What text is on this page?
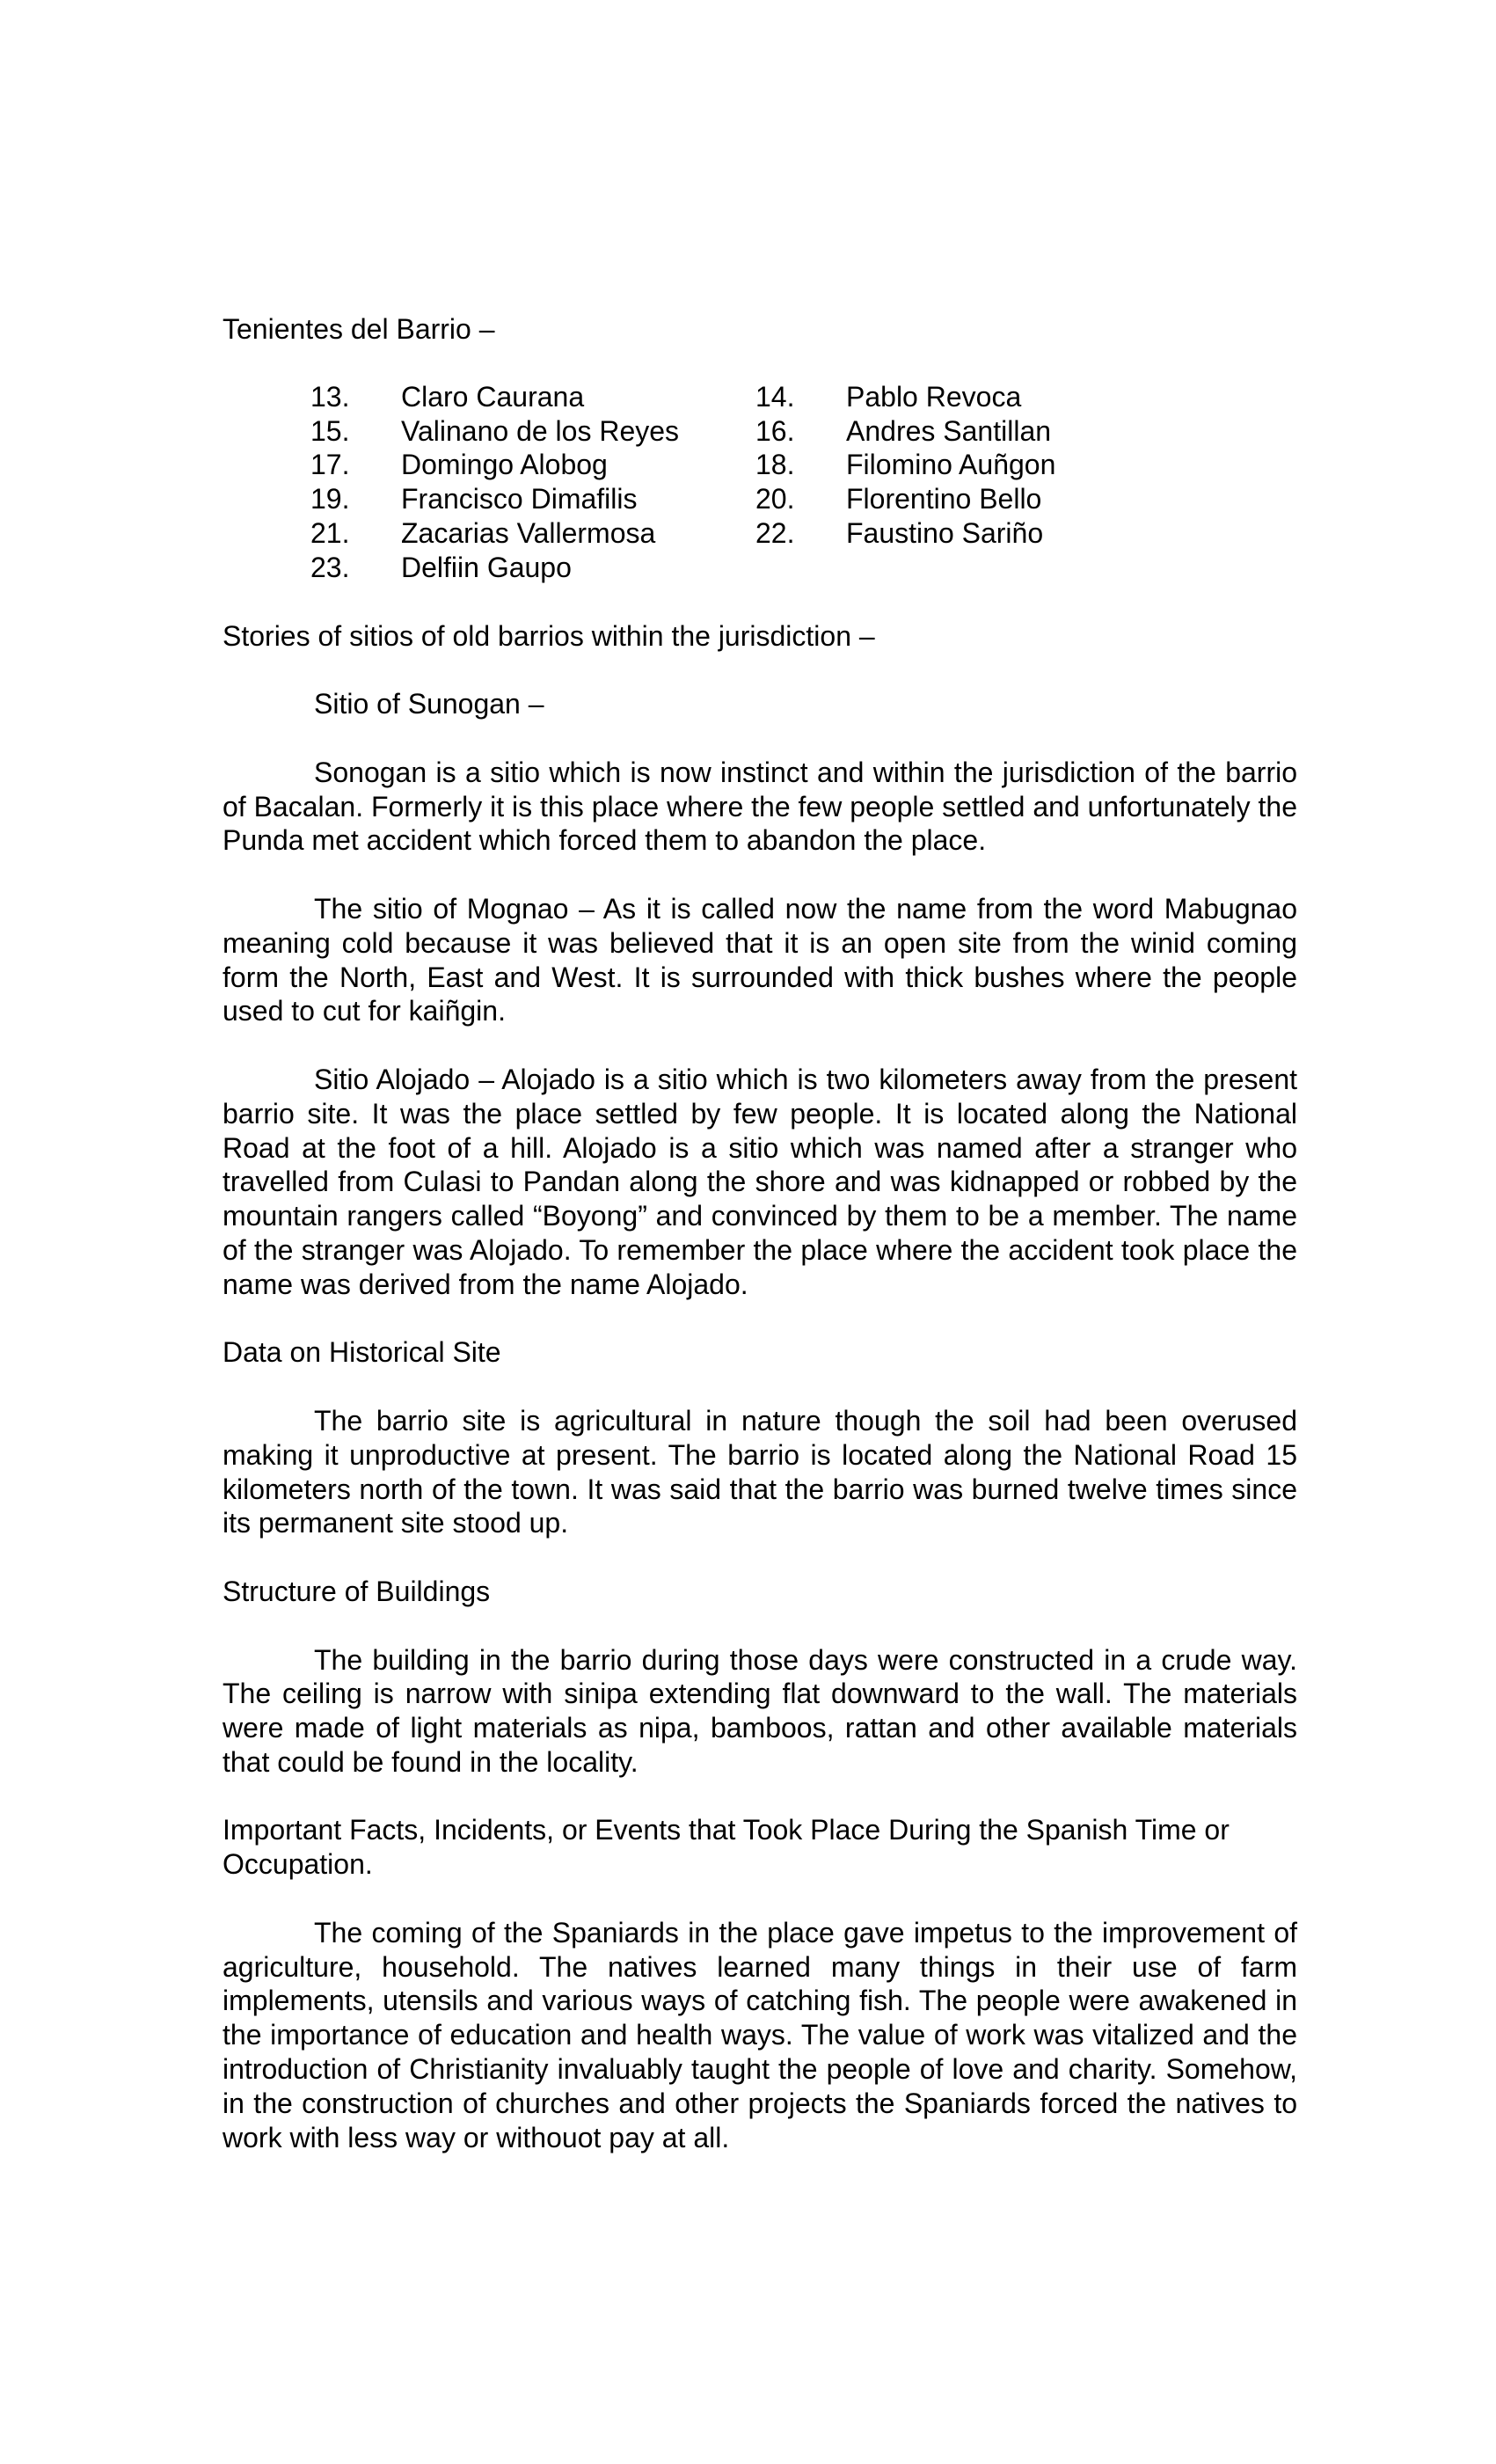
Tenientes del Barrio –

13.	Claro Caurana	14.	Pablo Revoca
15.	Valinano de los Reyes	16.	Andres Santillan
17.	Domingo Alobog	18.	Filomino Auñgon
19.	Francisco Dimafilis	20.	Florentino Bello
21.	Zacarias Vallermosa	22.	Faustino Sariño
23.	Delfiin Gaupo

Stories of sitios of old barrios within the jurisdiction –

Sitio of Sunogan –

Sonogan is a sitio which is now instinct and within the jurisdiction of the barrio of Bacalan. Formerly it is this place where the few people settled and unfortunately the Punda met accident which forced them to abandon the place.

The sitio of Mognao – As it is called now the name from the word Mabugnao meaning cold because it was believed that it is an open site from the winid coming form the North, East and West. It is surrounded with thick bushes where the people used to cut for kaiñgin.

Sitio Alojado – Alojado is a sitio which is two kilometers away from the present barrio site. It was the place settled by few people. It is located along the National Road at the foot of a hill. Alojado is a sitio which was named after a stranger who travelled from Culasi to Pandan along the shore and was kidnapped or robbed by the mountain rangers called “Boyong” and convinced by them to be a member. The name of the stranger was Alojado. To remember the place where the accident took place the name was derived from the name Alojado.

Data on Historical Site

The barrio site is agricultural in nature though the soil had been overused making it unproductive at present. The barrio is located along the National Road 15 kilometers north of the town. It was said that the barrio was burned twelve times since its permanent site stood up.

Structure of Buildings

The building in the barrio during those days were constructed in a crude way. The ceiling is narrow with sinipa extending flat downward to the wall. The materials were made of light materials as nipa, bamboos, rattan and other available materials that could be found in the locality.

Important Facts, Incidents, or Events that Took Place During the Spanish Time or Occupation.

The coming of the Spaniards in the place gave impetus to the improvement of agriculture, household. The natives learned many things in their use of farm implements, utensils and various ways of catching fish. The people were awakened in the importance of education and health ways. The value of work was vitalized and the introduction of Christianity invaluably taught the people of love and charity. Somehow, in the construction of churches and other projects the Spaniards forced the natives to work with less way or withouot pay at all.
